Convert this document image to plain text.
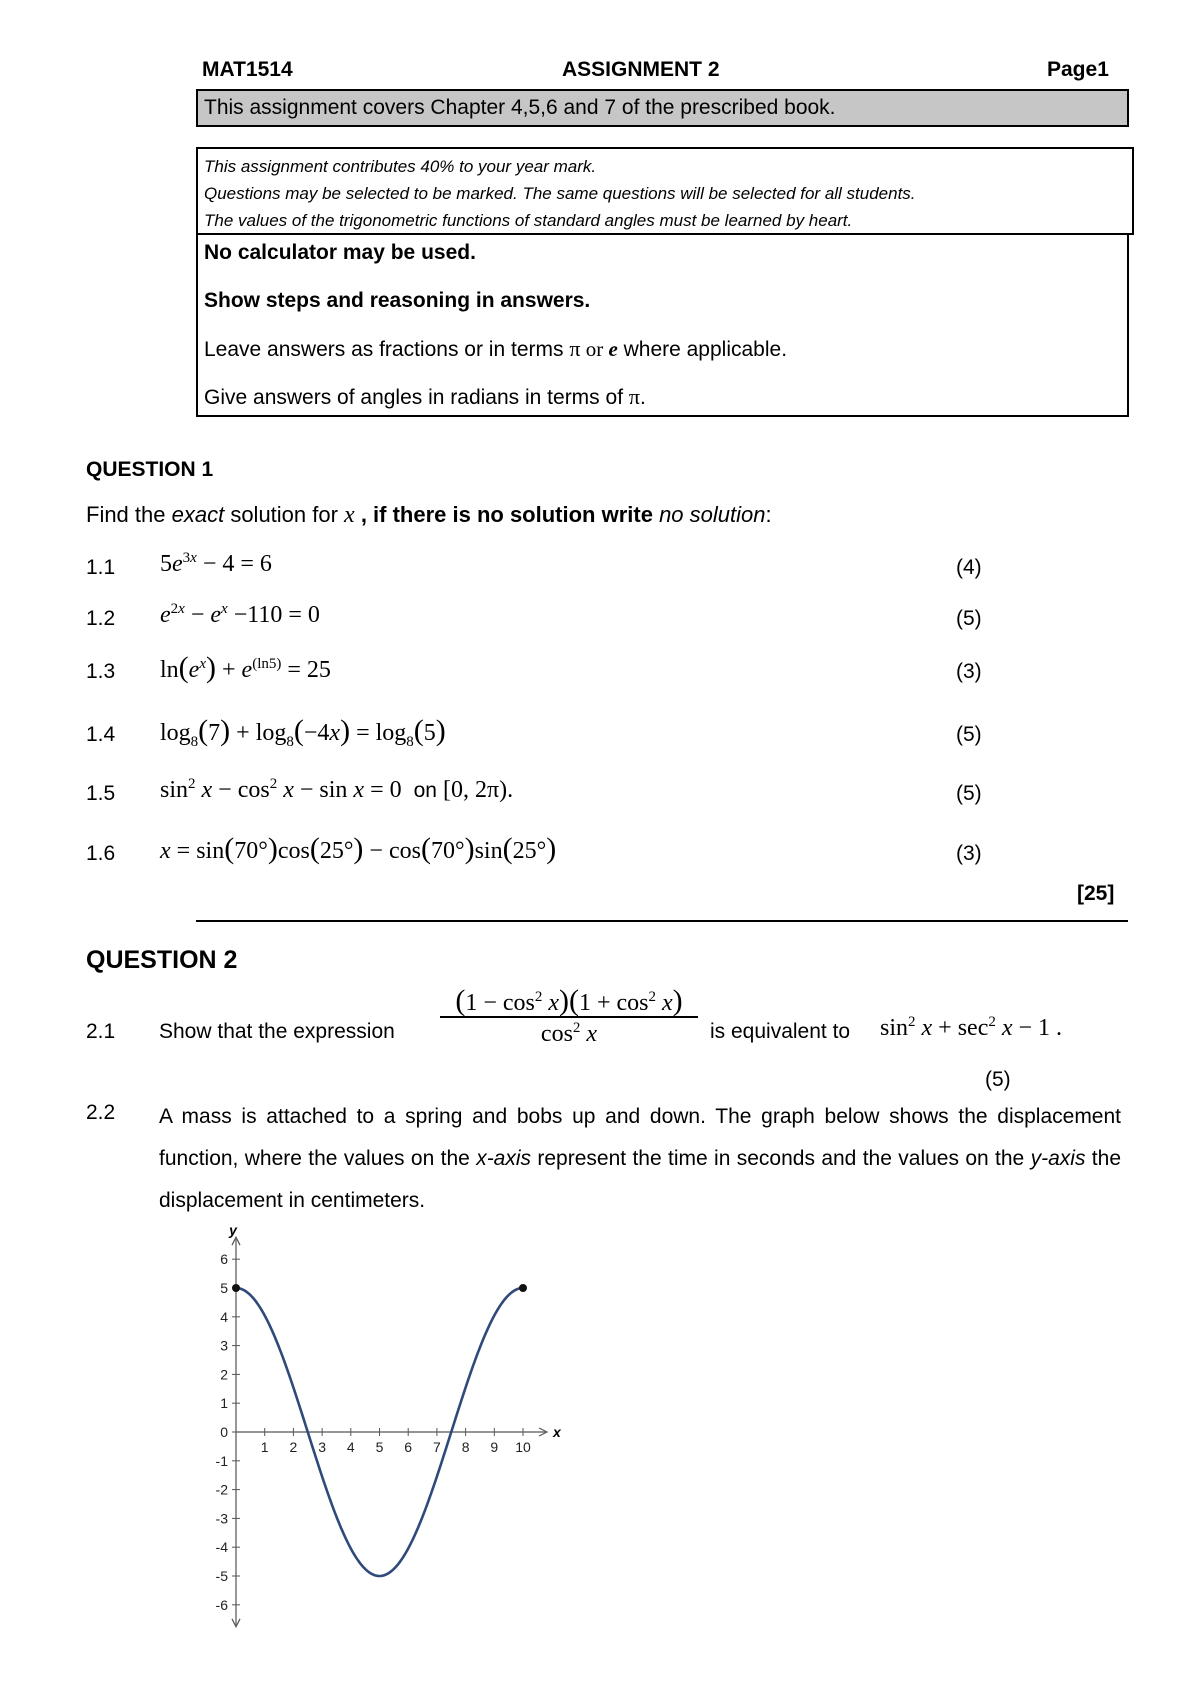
MAT1514	ASSIGNMENT 2	Page1
This assignment covers Chapter 4,5,6 and 7 of the prescribed book.
This assignment contributes 40% to your year mark.
Questions may be selected to be marked. The same questions will be selected for all students.
The values of the trigonometric functions of standard angles must be learned by heart.
No calculator may be used.
Show steps and reasoning in answers.
Leave answers as fractions or in terms π or e where applicable.
Give answers of angles in radians in terms of π.
QUESTION 1
Find the exact solution for x , if there is no solution write no solution:
1.1 $5e^{3x} - 4 = 6$	(4)
1.2 $e^{2x} - e^x -110 = 0$	(5)
1.3 $\ln(e^x) + e^{(ln5)} = 25$	(3)
1.4 $\log_8(7) + \log_8(-4x) = \log_8(5)$	(5)
1.5 $\sin^2 x - \cos^2 x - \sin x = 0$ on [0, 2π).	(5)
1.6 x = sin(70°)cos(25°) − cos(70°)sin(25°)	(3)
[25]
QUESTION 2
2.1 Show that the expression $\frac{(1 - \cos^2 x)(1 + \cos^2 x)}{\cos^2 x}$ is equivalent to $\sin^2 x + \sec^2 x - 1$ .
(5)
2.2 A mass is attached to a spring and bobs up and down. The graph below shows the displacement function, where the values on the x-axis represent the time in seconds and the values on the y-axis the displacement in centimeters.
y
x
1 2 3 4 5 6 7 8 9 10
6
5
4
3
2
1
0
-1
-2
-3
-4
-5
-6
